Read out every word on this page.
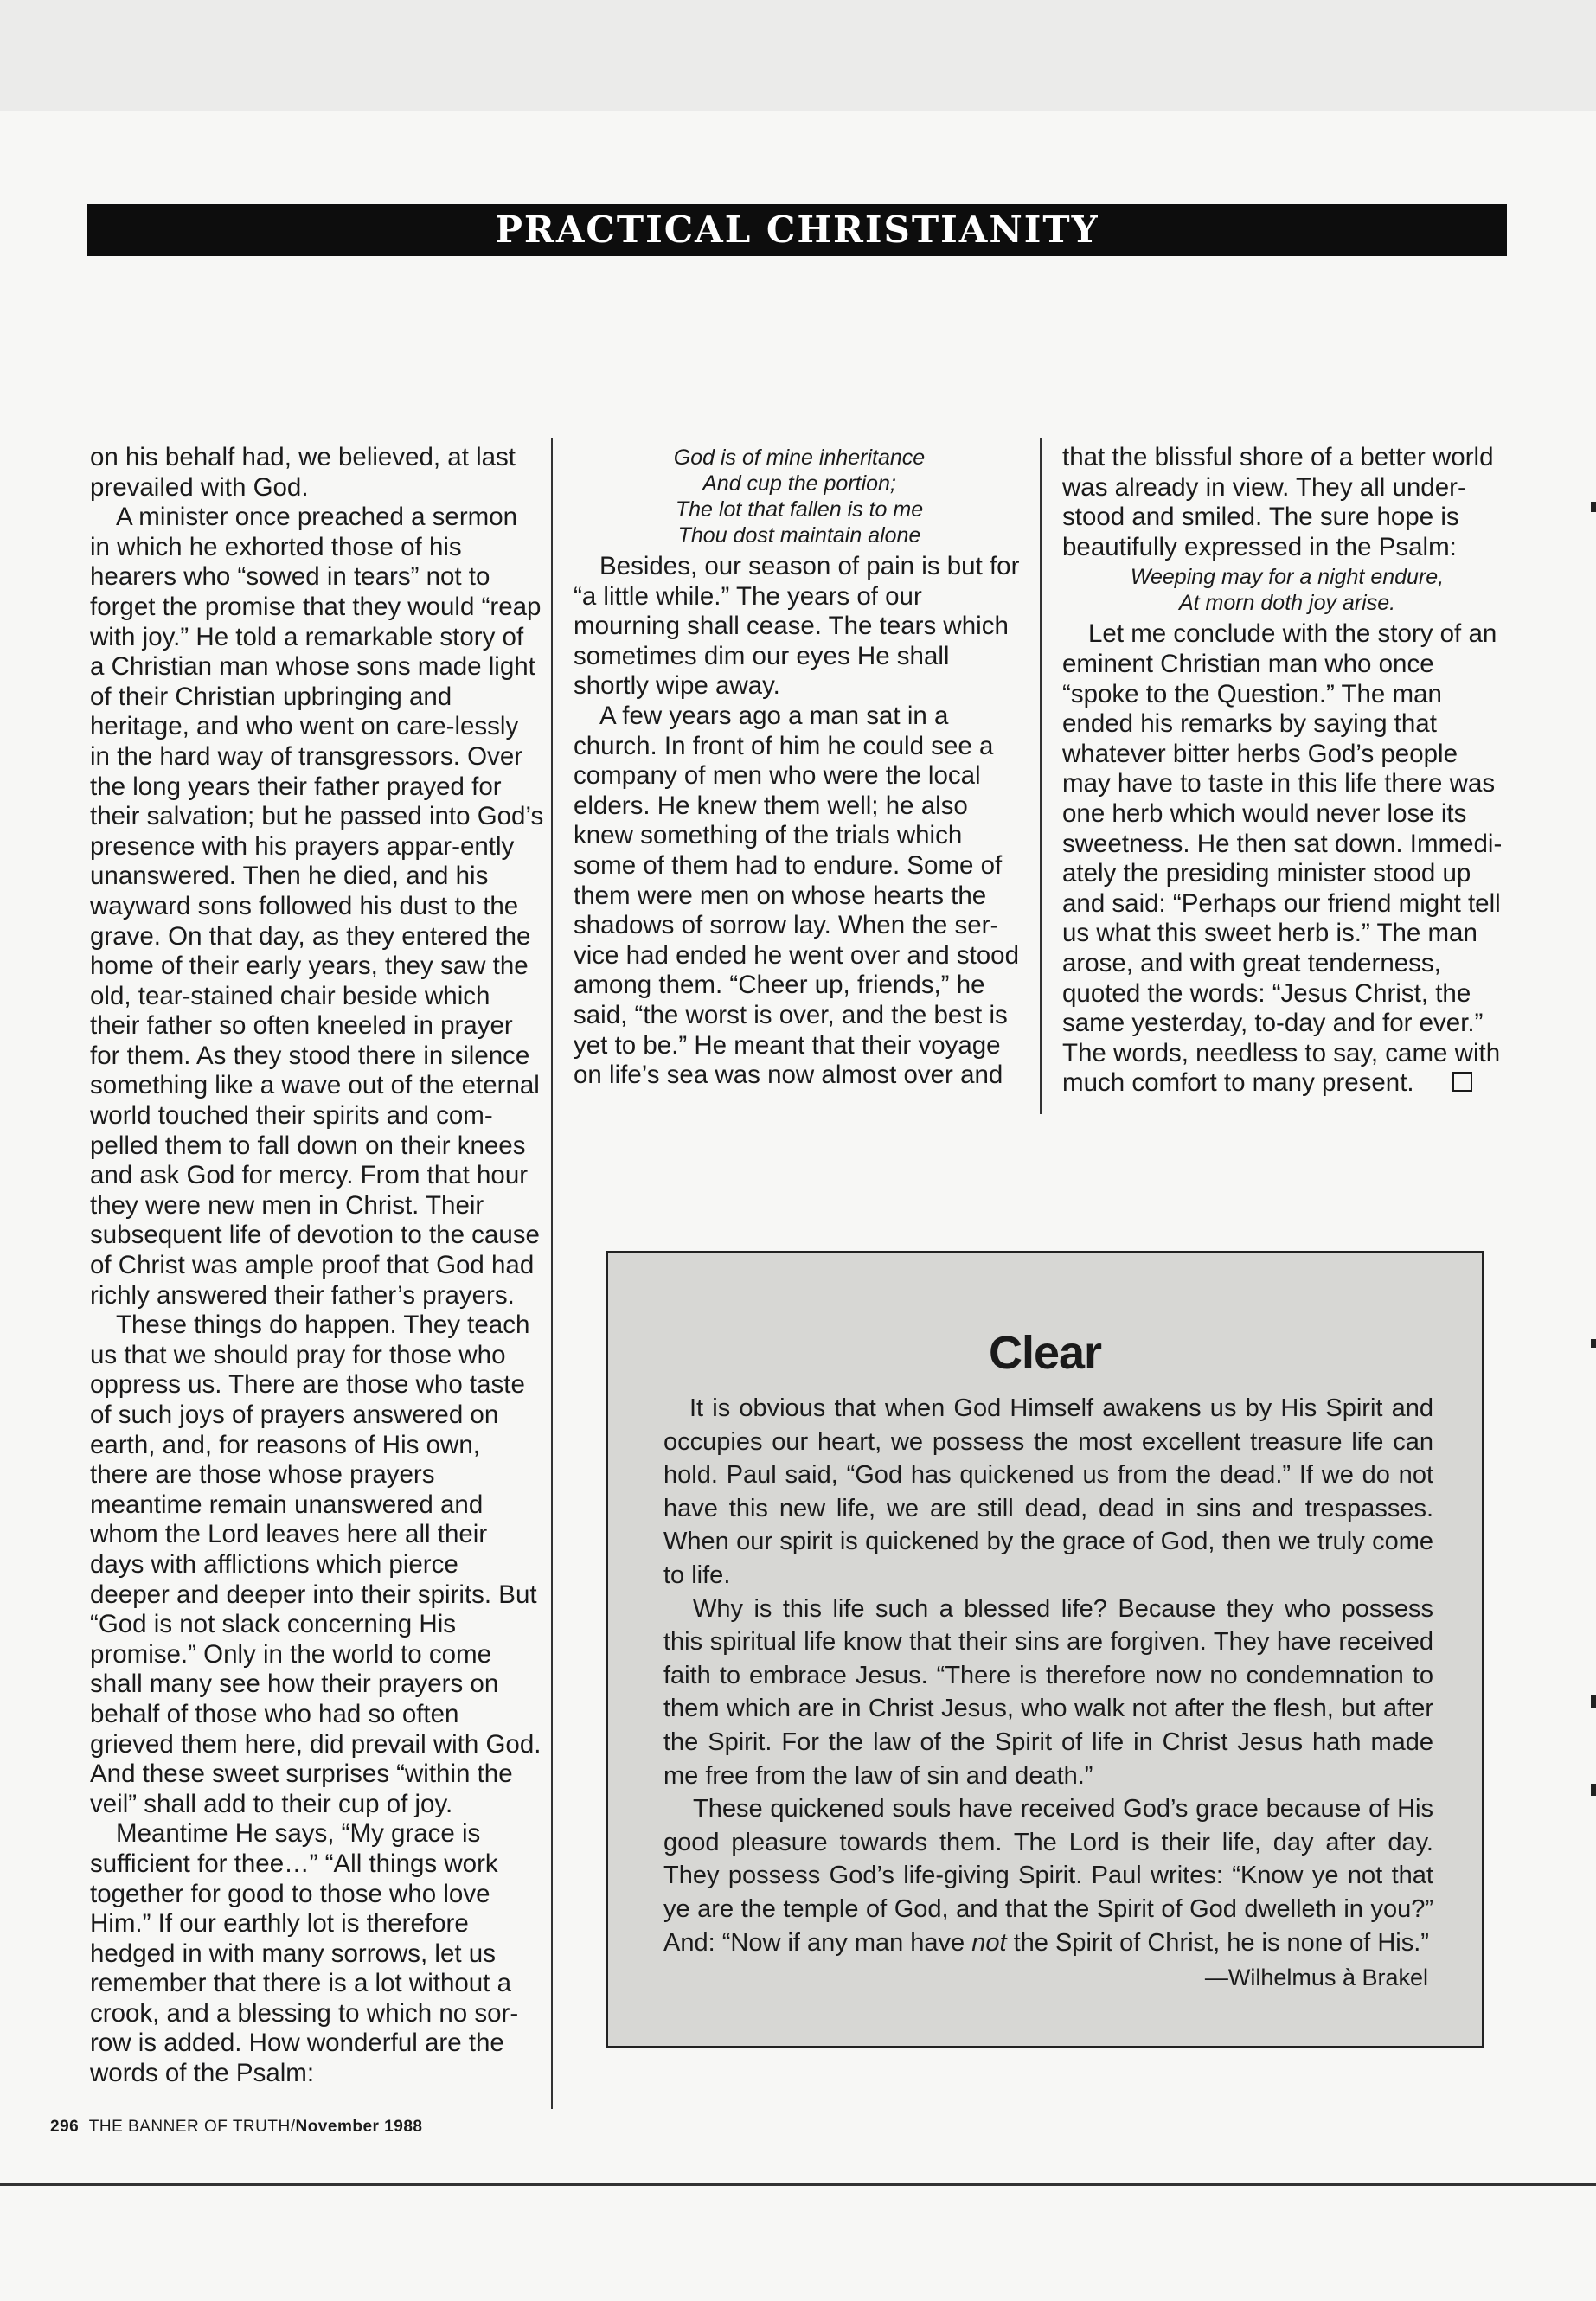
PRACTICAL CHRISTIANITY

on his behalf had, we believed, at last prevailed with God.

A minister once preached a sermon in which he exhorted those of his hearers who “sowed in tears” not to forget the promise that they would “reap with joy.” He told a remarkable story of a Christian man whose sons made light of their Christian upbringing and heritage, and who went on care-lessly in the hard way of transgressors. Over the long years their father prayed for their salvation; but he passed into God’s presence with his prayers appar-ently unanswered. Then he died, and his wayward sons followed his dust to the grave. On that day, as they entered the home of their early years, they saw the old, tear-stained chair beside which their father so often kneeled in prayer for them. As they stood there in silence something like a wave out of the eternal world touched their spirits and com-pelled them to fall down on their knees and ask God for mercy. From that hour they were new men in Christ. Their subsequent life of devotion to the cause of Christ was ample proof that God had richly answered their father’s prayers.

These things do happen. They teach us that we should pray for those who oppress us. There are those who taste of such joys of prayers answered on earth, and, for reasons of His own, there are those whose prayers meantime remain unanswered and whom the Lord leaves here all their days with afflictions which pierce deeper and deeper into their spirits. But “God is not slack concerning His promise.” Only in the world to come shall many see how their prayers on behalf of those who had so often grieved them here, did prevail with God. And these sweet surprises “within the veil” shall add to their cup of joy.

Meantime He says, “My grace is sufficient for thee…” “All things work together for good to those who love Him.” If our earthly lot is therefore hedged in with many sorrows, let us remember that there is a lot without a crook, and a blessing to which no sor-row is added. How wonderful are the words of the Psalm:

God is of mine inheritance
And cup the portion;
The lot that fallen is to me
Thou dost maintain alone

Besides, our season of pain is but for “a little while.” The years of our mourning shall cease. The tears which sometimes dim our eyes He shall shortly wipe away.

A few years ago a man sat in a church. In front of him he could see a company of men who were the local elders. He knew them well; he also knew something of the trials which some of them had to endure. Some of them were men on whose hearts the shadows of sorrow lay. When the ser-vice had ended he went over and stood among them. “Cheer up, friends,” he said, “the worst is over, and the best is yet to be.” He meant that their voyage on life’s sea was now almost over and

that the blissful shore of a better world was already in view. They all under-stood and smiled. The sure hope is beautifully expressed in the Psalm:

Weeping may for a night endure,
At morn doth joy arise.

Let me conclude with the story of an eminent Christian man who once “spoke to the Question.” The man ended his remarks by saying that whatever bitter herbs God’s people may have to taste in this life there was one herb which would never lose its sweetness. He then sat down. Immedi-ately the presiding minister stood up and said: “Perhaps our friend might tell us what this sweet herb is.” The man arose, and with great tenderness, quoted the words: “Jesus Christ, the same yesterday, to-day and for ever.” The words, needless to say, came with much comfort to many present.

Clear

It is obvious that when God Himself awakens us by His Spirit and occupies our heart, we possess the most excellent treasure life can hold. Paul said, “God has quickened us from the dead.” If we do not have this new life, we are still dead, dead in sins and trespasses. When our spirit is quickened by the grace of God, then we truly come to life.

Why is this life such a blessed life? Because they who possess this spiritual life know that their sins are forgiven. They have received faith to embrace Jesus. “There is therefore now no condemnation to them which are in Christ Jesus, who walk not after the flesh, but after the Spirit. For the law of the Spirit of life in Christ Jesus hath made me free from the law of sin and death.”

These quickened souls have received God’s grace because of His good pleasure towards them. The Lord is their life, day after day. They possess God’s life-giving Spirit. Paul writes: “Know ye not that ye are the temple of God, and that the Spirit of God dwelleth in you?” And: “Now if any man have not the Spirit of Christ, he is none of His.”

—Wilhelmus à Brakel
296 THE BANNER OF TRUTH/November 1988
